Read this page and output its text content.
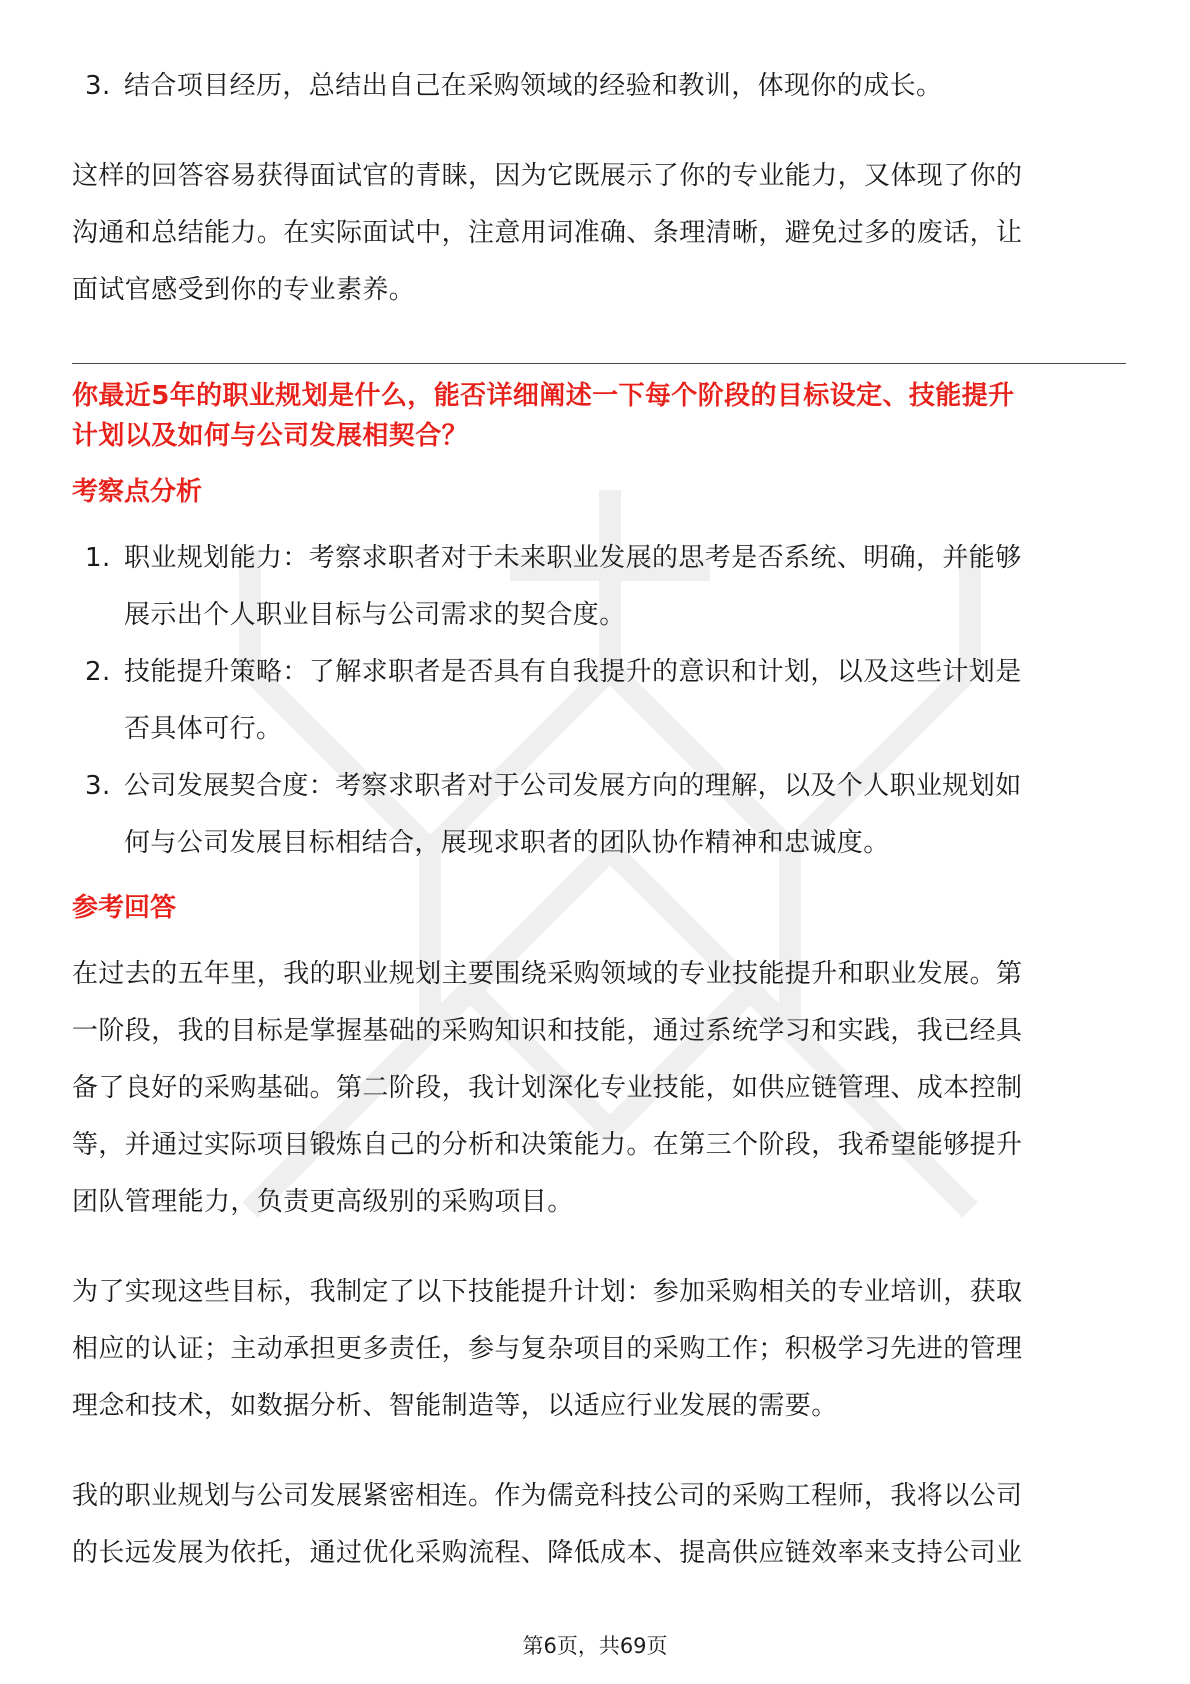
3. 结合项目经历，总结出自己在采购领域的经验和教训，体现你的成长。
这样的回答容易获得面试官的青睐，因为它既展示了你的专业能力，又体现了你的
沟通和总结能力。在实际面试中，注意用词准确、条理清晰，避免过多的废话，让
面试官感受到你的专业素养。
你最近5年的职业规划是什么，能否详细阐述一下每个阶段的目标设定、技能提升
计划以及如何与公司发展相契合？
考察点分析
1. 职业规划能力：考察求职者对于未来职业发展的思考是否系统、明确，并能够
展示出个人职业目标与公司需求的契合度。
2. 技能提升策略：了解求职者是否具有自我提升的意识和计划，以及这些计划是
否具体可行。
3. 公司发展契合度：考察求职者对于公司发展方向的理解，以及个人职业规划如
何与公司发展目标相结合，展现求职者的团队协作精神和忠诚度。
参考回答
在过去的五年里，我的职业规划主要围绕采购领域的专业技能提升和职业发展。第
一阶段，我的目标是掌握基础的采购知识和技能，通过系统学习和实践，我已经具
备了良好的采购基础。第二阶段，我计划深化专业技能，如供应链管理、成本控制
等，并通过实际项目锻炼自己的分析和决策能力。在第三个阶段，我希望能够提升
团队管理能力，负责更高级别的采购项目。
为了实现这些目标，我制定了以下技能提升计划：参加采购相关的专业培训，获取
相应的认证；主动承担更多责任，参与复杂项目的采购工作；积极学习先进的管理
理念和技术，如数据分析、智能制造等，以适应行业发展的需要。
我的职业规划与公司发展紧密相连。作为儒竞科技公司的采购工程师，我将以公司
的长远发展为依托，通过优化采购流程、降低成本、提高供应链效率来支持公司业
第6页，共69页
